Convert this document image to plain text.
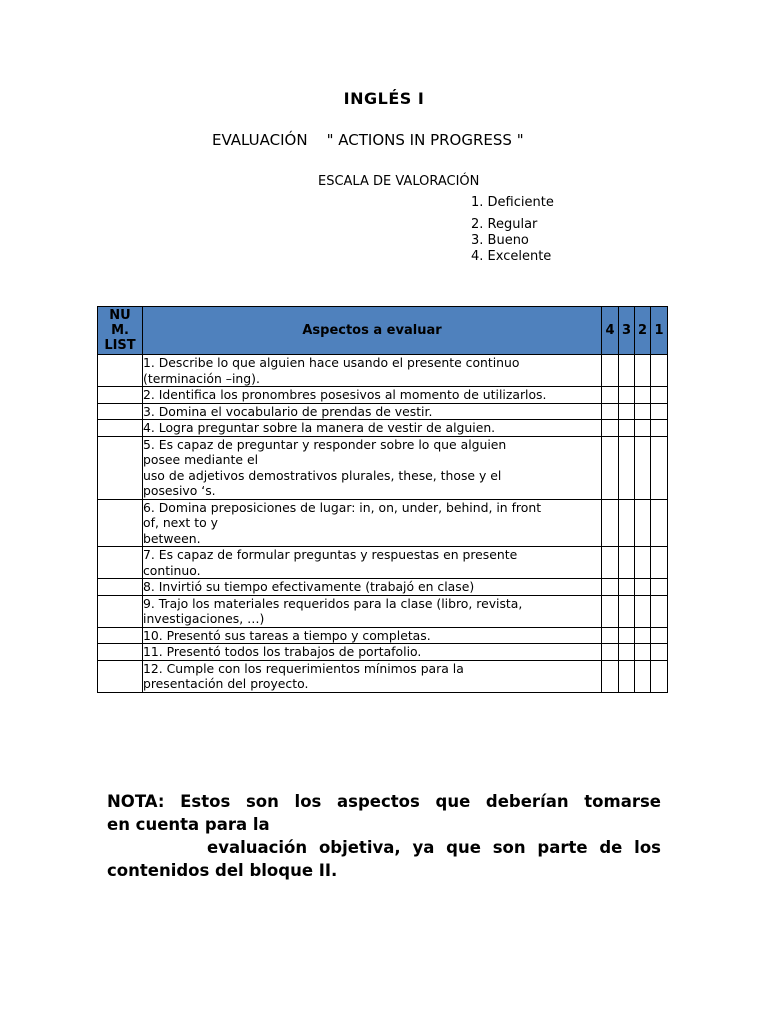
INGLÉS I
EVALUACIÓN    " ACTIONS IN PROGRESS "
ESCALA DE VALORACIÓN
1. Deficiente
2. Regular
3. Bueno
4. Excelente
NU
M.
LIST	Aspectos a evaluar	4	3	2	1
	1. Describe lo que alguien hace usando el presente continuo
(terminación –ing).				
	2. Identifica los pronombres posesivos al momento de utilizarlos.				
	3. Domina el vocabulario de prendas de vestir.				
	4. Logra preguntar sobre la manera de vestir de alguien.				
	5. Es capaz de preguntar y responder sobre lo que alguien
posee mediante el
uso de adjetivos demostrativos plurales, these, those y el
posesivo ‘s.				
	6. Domina preposiciones de lugar: in, on, under, behind, in front
of, next to y
between.				
	7. Es capaz de formular preguntas y respuestas en presente
continuo.				
	8. Invirtió su tiempo efectivamente (trabajó en clase)				
	9. Trajo los materiales requeridos para la clase (libro, revista,
investigaciones, …)				
	10. Presentó sus tareas a tiempo y completas.				
	11. Presentó todos los trabajos de portafolio.				
	12. Cumple con los requerimientos mínimos para la
presentación del proyecto.				
NOTA: Estos son los aspectos que deberían tomarse
en cuenta para la
evaluación objetiva, ya que son parte de los
contenidos del bloque II.
